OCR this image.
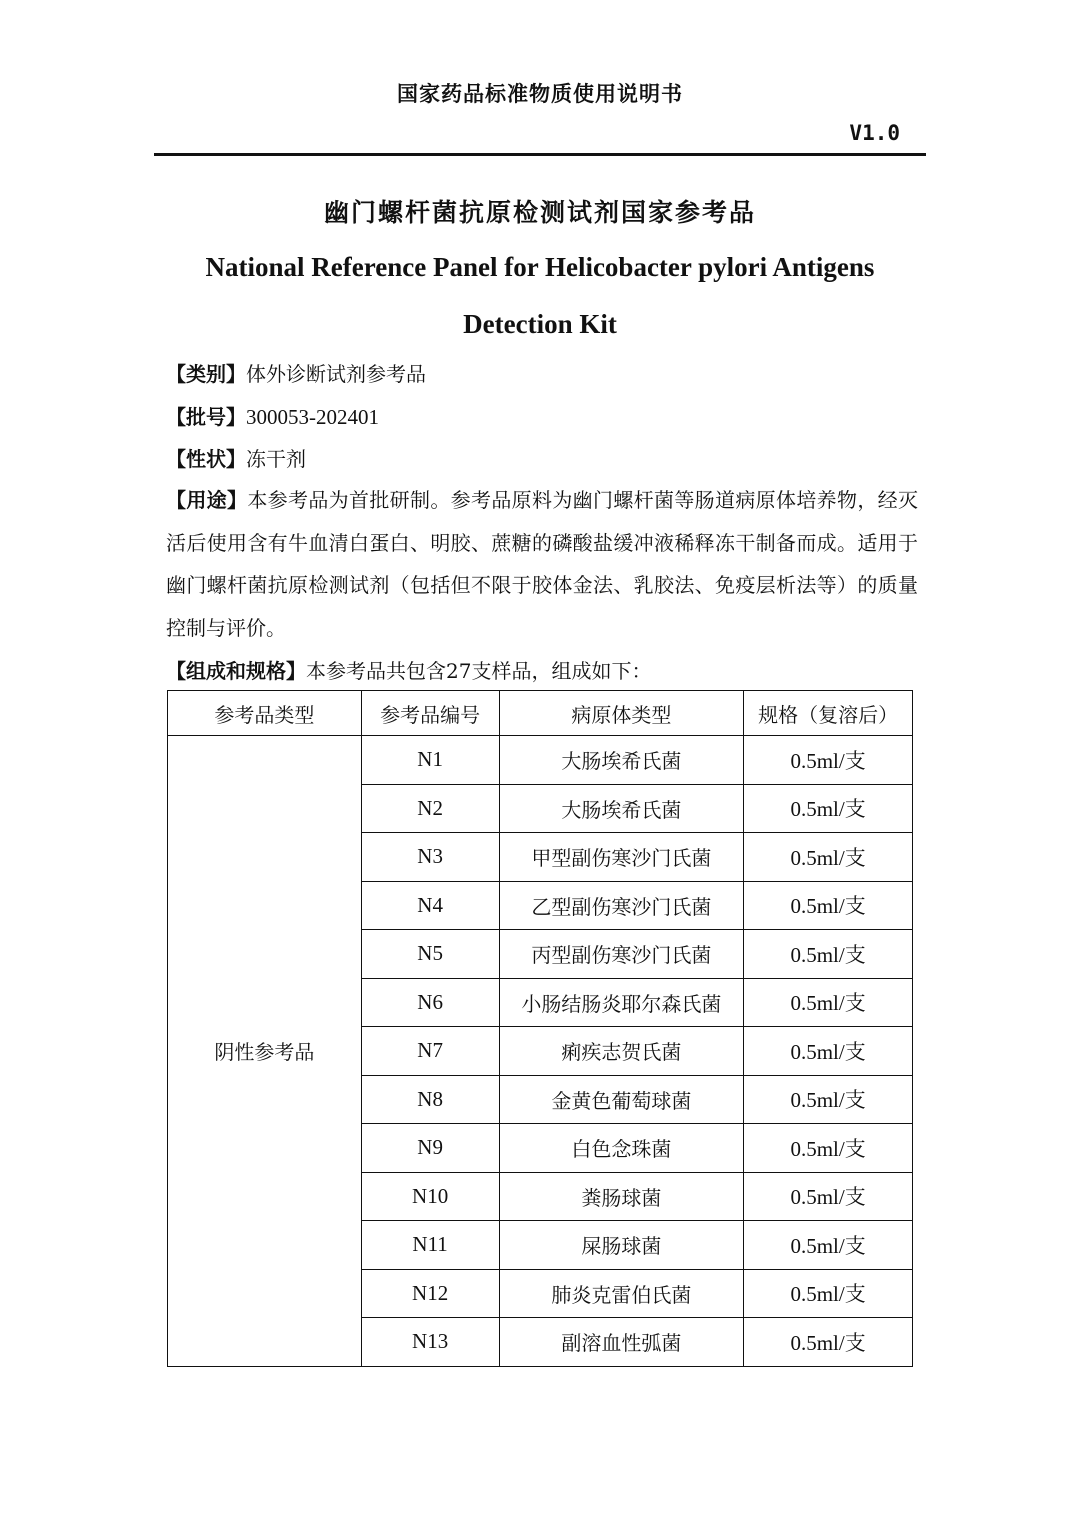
国家药品标准物质使用说明书
V1.0
幽门螺杆菌抗原检测试剂国家参考品
National Reference Panel for Helicobacter pylori Antigens
Detection Kit
【类别】体外诊断试剂参考品
【批号】300053-202401
【性状】冻干剂
【用途】本参考品为首批研制。参考品原料为幽门螺杆菌等肠道病原体培养物，经灭活后使用含有牛血清白蛋白、明胶、蔗糖的磷酸盐缓冲液稀释冻干制备而成。适用于幽门螺杆菌抗原检测试剂（包括但不限于胶体金法、乳胶法、免疫层析法等）的质量控制与评价。
【组成和规格】本参考品共包含27支样品，组成如下：
参考品类型	参考品编号	病原体类型	规格（复溶后）
阴性参考品	N1	大肠埃希氏菌	0.5ml/支
	N2	大肠埃希氏菌	0.5ml/支
	N3	甲型副伤寒沙门氏菌	0.5ml/支
	N4	乙型副伤寒沙门氏菌	0.5ml/支
	N5	丙型副伤寒沙门氏菌	0.5ml/支
	N6	小肠结肠炎耶尔森氏菌	0.5ml/支
	N7	痢疾志贺氏菌	0.5ml/支
	N8	金黄色葡萄球菌	0.5ml/支
	N9	白色念珠菌	0.5ml/支
	N10	粪肠球菌	0.5ml/支
	N11	屎肠球菌	0.5ml/支
	N12	肺炎克雷伯氏菌	0.5ml/支
	N13	副溶血性弧菌	0.5ml/支
